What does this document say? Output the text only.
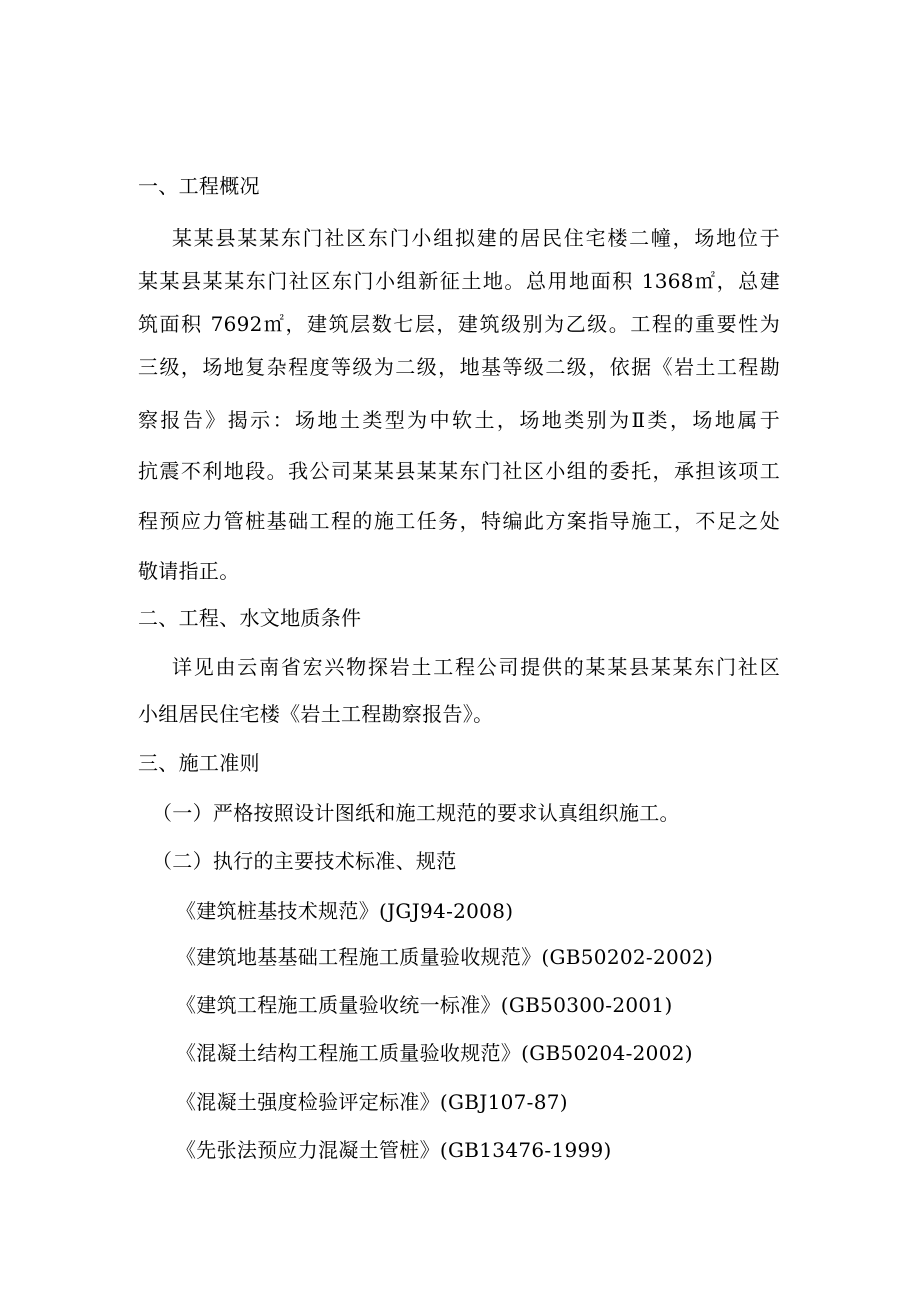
一、工程概况
某某县某某东门社区东门小组拟建的居民住宅楼二幢，场地位于
某某县某某东门社区东门小组新征土地。总用地面积 1368㎡，总建
筑面积 7692㎡，建筑层数七层，建筑级别为乙级。工程的重要性为
三级，场地复杂程度等级为二级，地基等级二级，依据《岩土工程勘
察报告》揭示：场地土类型为中软土，场地类别为Ⅱ类，场地属于
抗震不利地段。我公司某某县某某东门社区小组的委托，承担该项工
程预应力管桩基础工程的施工任务，特编此方案指导施工，不足之处
敬请指正。
二、工程、水文地质条件
详见由云南省宏兴物探岩土工程公司提供的某某县某某东门社区
小组居民住宅楼《岩土工程勘察报告》。
三、施工准则
（一）严格按照设计图纸和施工规范的要求认真组织施工。
（二）执行的主要技术标准、规范
《建筑桩基技术规范》(JGJ94-2008)
《建筑地基基础工程施工质量验收规范》(GB50202-2002)
《建筑工程施工质量验收统一标准》(GB50300-2001)
《混凝土结构工程施工质量验收规范》(GB50204-2002)
《混凝土强度检验评定标准》(GBJ107-87)
《先张法预应力混凝土管桩》(GB13476-1999)
